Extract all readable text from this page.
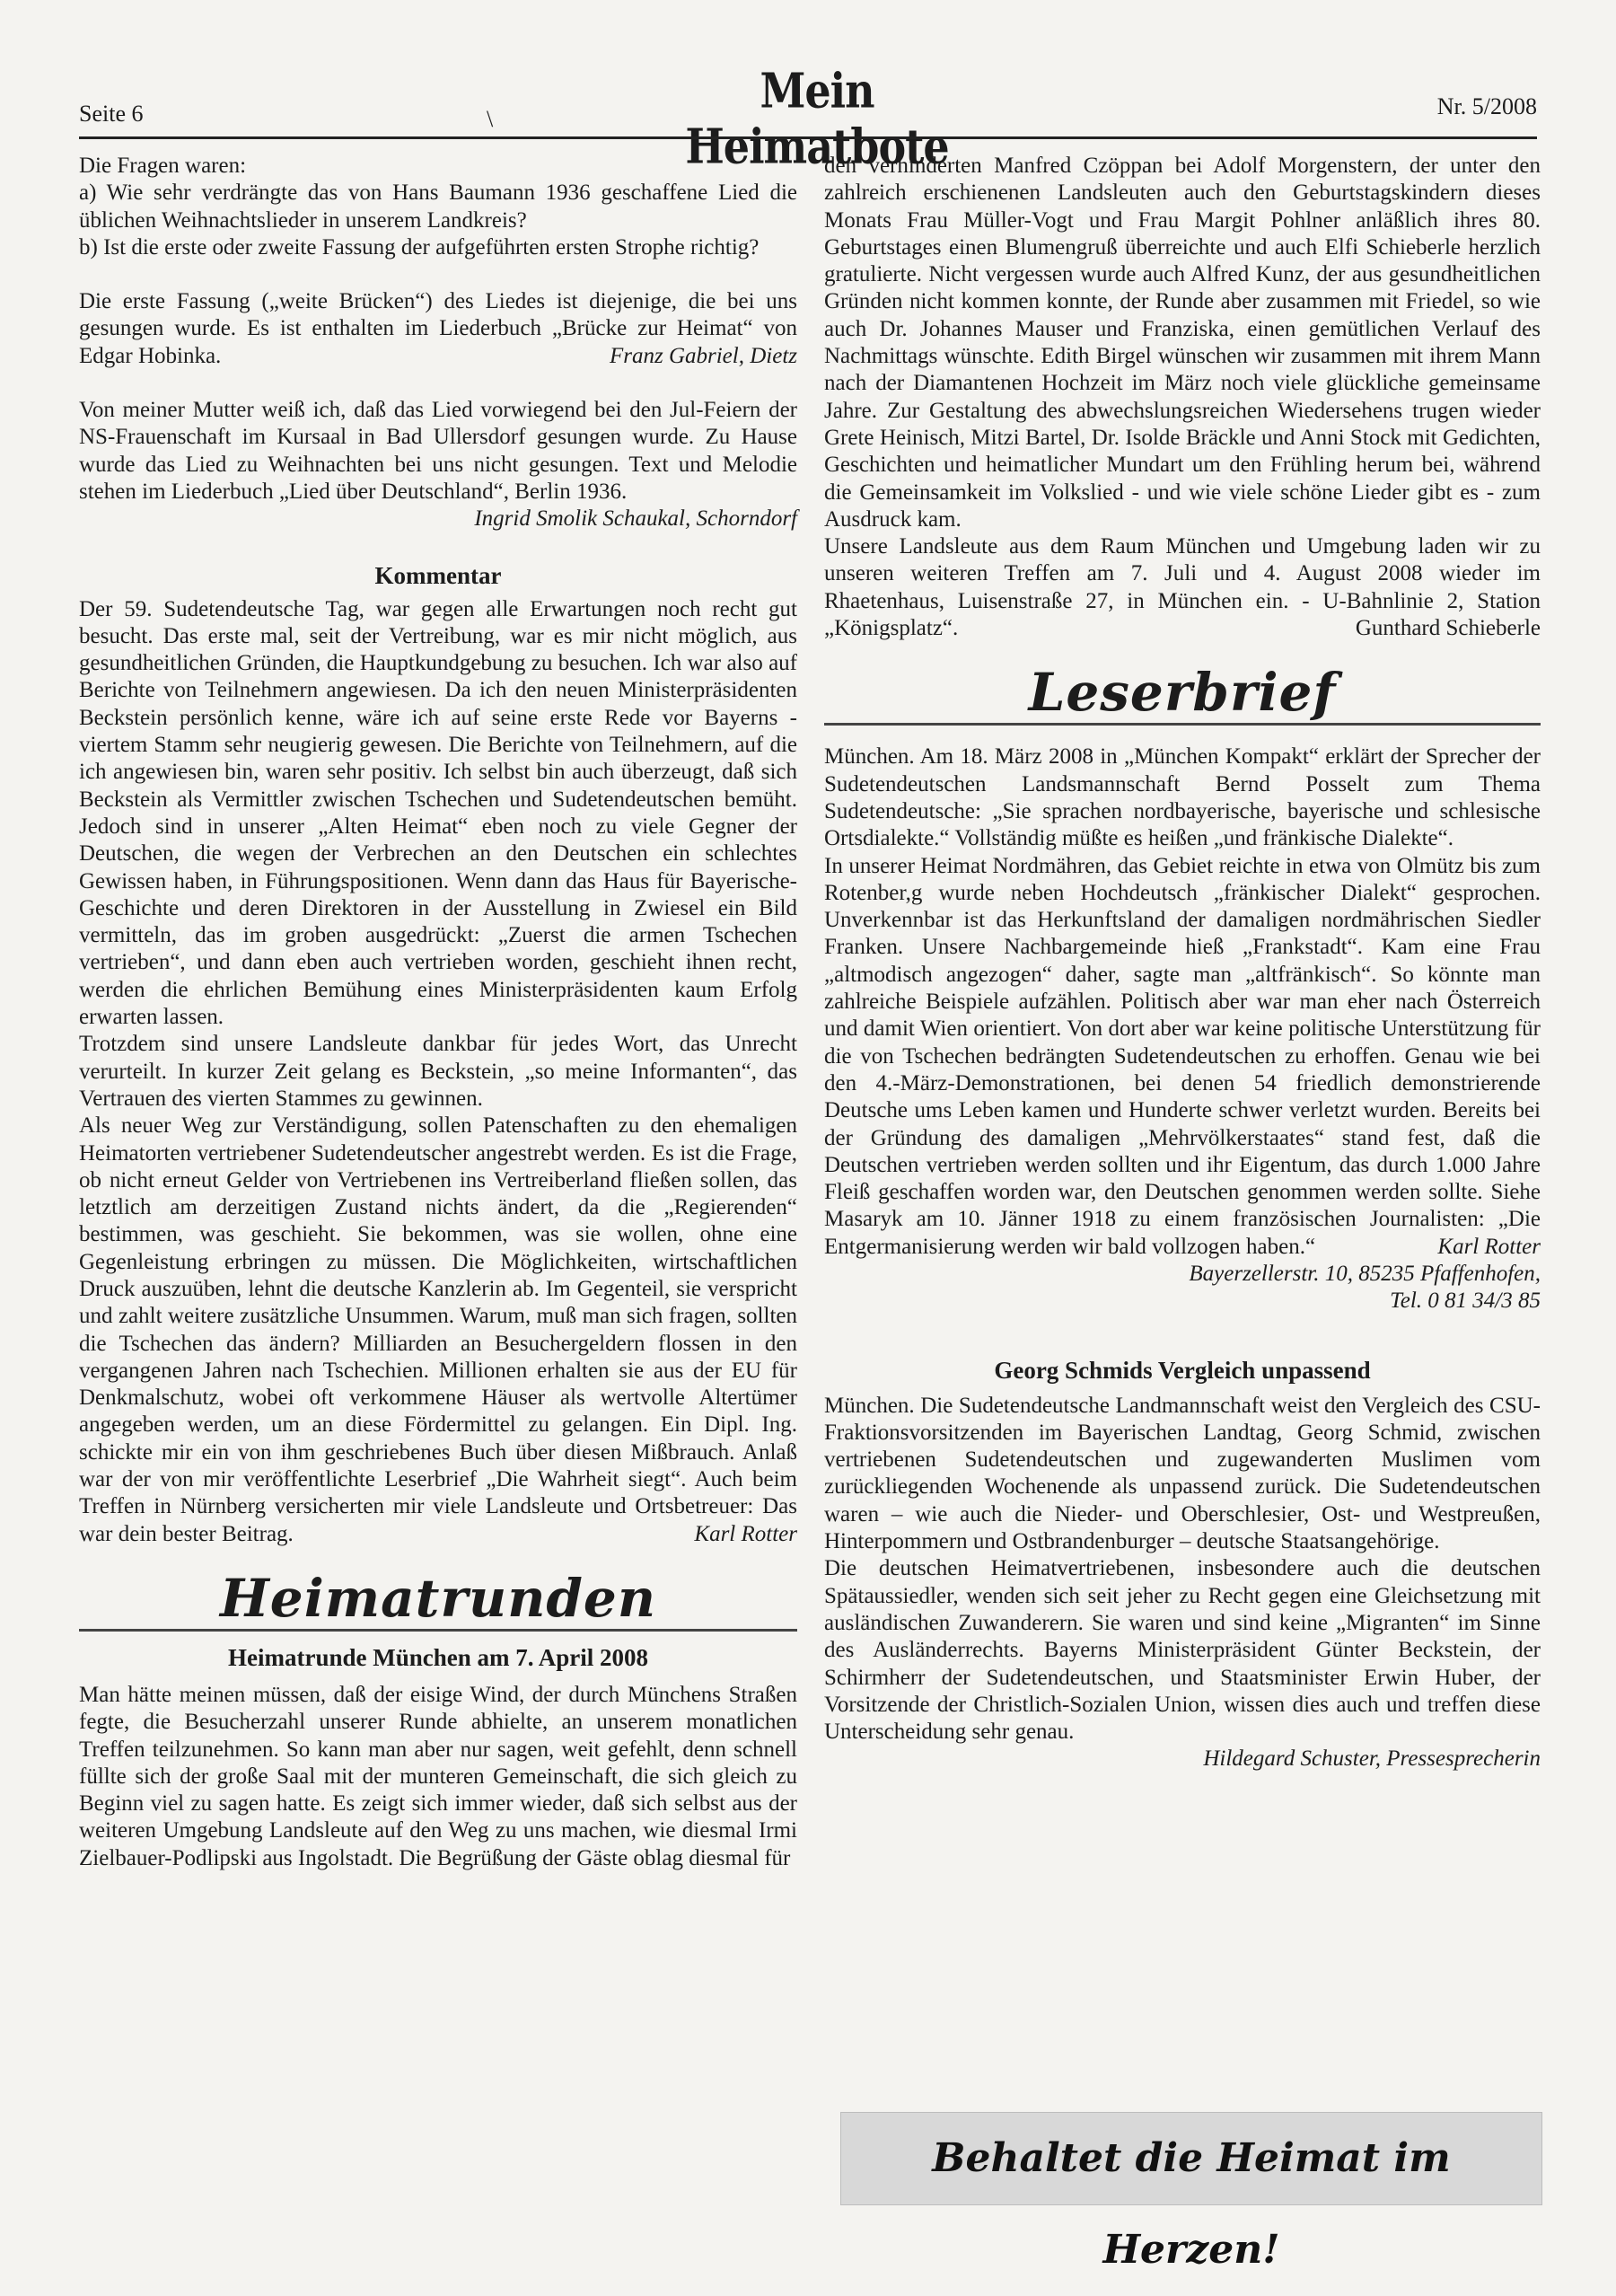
Seite 6	\
Mein Heimatbote
Nr. 5/2008

Die Fragen waren:

a) Wie sehr verdrängte das von Hans Baumann 1936 geschaffene Lied die üblichen Weihnachtslieder in unserem Landkreis?

b) Ist die erste oder zweite Fassung der aufgeführten ersten Strophe richtig?

Die erste Fassung („weite Brücken“) des Liedes ist diejenige, die bei uns gesungen wurde. Es ist enthalten im Liederbuch „Brücke zur Heimat“ von Edgar Hobinka.	Franz Gabriel, Dietz

Von meiner Mutter weiß ich, daß das Lied vorwiegend bei den Jul-Feiern der NS-Frauenschaft im Kursaal in Bad Ullersdorf gesungen wurde. Zu Hause wurde das Lied zu Weihnachten bei uns nicht gesungen. Text und Melodie stehen im Liederbuch „Lied über Deutschland“, Berlin 1936.
Ingrid Smolik Schaukal, Schorndorf

Kommentar

Der 59. Sudetendeutsche Tag, war gegen alle Erwartungen noch recht gut besucht. Das erste mal, seit der Vertreibung, war es mir nicht möglich, aus gesundheitlichen Gründen, die Hauptkundgebung zu besuchen. Ich war also auf Berichte von Teilnehmern angewiesen. Da ich den neuen Ministerpräsidenten Beckstein persönlich kenne, wäre ich auf seine erste Rede vor Bayerns - viertem Stamm sehr neugierig gewesen. Die Berichte von Teilnehmern, auf die ich angewiesen bin, waren sehr positiv. Ich selbst bin auch überzeugt, daß sich Beckstein als Vermittler zwischen Tschechen und Sudetendeutschen bemüht. Jedoch sind in unserer „Alten Heimat“ eben noch zu viele Gegner der Deutschen, die wegen der Verbrechen an den Deutschen ein schlechtes Gewissen haben, in Führungspositionen. Wenn dann das Haus für Bayerische-Geschichte und deren Direktoren in der Ausstellung in Zwiesel ein Bild vermitteln, das im groben ausgedrückt: „Zuerst die armen Tschechen vertrieben“, und dann eben auch vertrieben worden, geschieht ihnen recht, werden die ehrlichen Bemühung eines Ministerpräsidenten kaum Erfolg erwarten lassen.

Trotzdem sind unsere Landsleute dankbar für jedes Wort, das Unrecht verurteilt. In kurzer Zeit gelang es Beckstein, „so meine Informanten“, das Vertrauen des vierten Stammes zu gewinnen.

Als neuer Weg zur Verständigung, sollen Patenschaften zu den ehemaligen Heimatorten vertriebener Sudetendeutscher angestrebt werden. Es ist die Frage, ob nicht erneut Gelder von Vertriebenen ins Vertreiberland fließen sollen, das letztlich am derzeitigen Zustand nichts ändert, da die „Regierenden“ bestimmen, was geschieht. Sie bekommen, was sie wollen, ohne eine Gegenleistung erbringen zu müssen. Die Möglichkeiten, wirtschaftlichen Druck auszuüben, lehnt die deutsche Kanzlerin ab. Im Gegenteil, sie verspricht und zahlt weitere zusätzliche Unsummen. Warum, muß man sich fragen, sollten die Tschechen das ändern? Milliarden an Besuchergeldern flossen in den vergangenen Jahren nach Tschechien. Millionen erhalten sie aus der EU für Denkmalschutz, wobei oft verkommene Häuser als wertvolle Altertümer angegeben werden, um an diese Fördermittel zu gelangen. Ein Dipl. Ing. schickte mir ein von ihm geschriebenes Buch über diesen Mißbrauch. Anlaß war der von mir veröffentlichte Leserbrief „Die Wahrheit siegt“. Auch beim Treffen in Nürnberg versicherten mir viele Landsleute und Ortsbetreuer: Das war dein bester Beitrag.	Karl Rotter

Heimatrunden
Heimatrunde München am 7. April 2008

Man hätte meinen müssen, daß der eisige Wind, der durch Münchens Straßen fegte, die Besucherzahl unserer Runde abhielte, an unserem monatlichen Treffen teilzunehmen. So kann man aber nur sagen, weit gefehlt, denn schnell füllte sich der große Saal mit der munteren Gemeinschaft, die sich gleich zu Beginn viel zu sagen hatte. Es zeigt sich immer wieder, daß sich selbst aus der weiteren Umgebung Landsleute auf den Weg zu uns machen, wie diesmal Irmi Zielbauer-Podlipski aus Ingolstadt. Die Begrüßung der Gäste oblag diesmal für

den verhinderten Manfred Czöppan bei Adolf Morgenstern, der unter den zahlreich erschienenen Landsleuten auch den Geburtstagskindern dieses Monats Frau Müller-Vogt und Frau Margit Pohlner anläßlich ihres 80. Geburtstages einen Blumengruß überreichte und auch Elfi Schieberle herzlich gratulierte. Nicht vergessen wurde auch Alfred Kunz, der aus gesundheitlichen Gründen nicht kommen konnte, der Runde aber zusammen mit Friedel, so wie auch Dr. Johannes Mauser und Franziska, einen gemütlichen Verlauf des Nachmittags wünschte. Edith Birgel wünschen wir zusammen mit ihrem Mann nach der Diamantenen Hochzeit im März noch viele glückliche gemeinsame Jahre. Zur Gestaltung des abwechslungsreichen Wiedersehens trugen wieder Grete Heinisch, Mitzi Bartel, Dr. Isolde Bräckle und Anni Stock mit Gedichten, Geschichten und heimatlicher Mundart um den Frühling herum bei, während die Gemeinsamkeit im Volkslied - und wie viele schöne Lieder gibt es - zum Ausdruck kam.

Unsere Landsleute aus dem Raum München und Umgebung laden wir zu unseren weiteren Treffen am 7. Juli und 4. August 2008 wieder im Rhaetenhaus, Luisenstraße 27, in München ein. - U-Bahnlinie 2, Station „Königsplatz“.	Gunthard Schieberle

Leserbrief

München. Am 18. März 2008 in „München Kompakt“ erklärt der Sprecher der Sudetendeutschen Landsmannschaft Bernd Posselt zum Thema Sudetendeutsche: „Sie sprachen nordbayerische, bayerische und schlesische Ortsdialekte.“ Vollständig müßte es heißen „und fränkische Dialekte“.

In unserer Heimat Nordmähren, das Gebiet reichte in etwa von Olmütz bis zum Rotenber,g wurde neben Hochdeutsch „fränkischer Dialekt“ gesprochen. Unverkennbar ist das Herkunftsland der damaligen nordmährischen Siedler Franken. Unsere Nachbargemeinde hieß „Frankstadt“. Kam eine Frau „altmodisch angezogen“ daher, sagte man „altfränkisch“. So könnte man zahlreiche Beispiele aufzählen. Politisch aber war man eher nach Österreich und damit Wien orientiert. Von dort aber war keine politische Unterstützung für die von Tschechen bedrängten Sudetendeutschen zu erhoffen. Genau wie bei den 4.-März-Demonstrationen, bei denen 54 friedlich demonstrierende Deutsche ums Leben kamen und Hunderte schwer verletzt wurden. Bereits bei der Gründung des damaligen „Mehrvölkerstaates“ stand fest, daß die Deutschen vertrieben werden sollten und ihr Eigentum, das durch 1.000 Jahre Fleiß geschaffen worden war, den Deutschen genommen werden sollte. Siehe Masaryk am 10. Jänner 1918 zu einem französischen Journalisten: „Die Entgermanisierung werden wir bald vollzogen haben.“	Karl Rotter

Bayerzellerstr. 10, 85235 Pfaffenhofen,

Tel. 0 81 34/3 85

Georg Schmids Vergleich unpassend

München. Die Sudetendeutsche Landmannschaft weist den Vergleich des CSU-Fraktionsvorsitzenden im Bayerischen Landtag, Georg Schmid, zwischen vertriebenen Sudetendeutschen und zugewanderten Muslimen vom zurückliegenden Wochenende als unpassend zurück. Die Sudetendeutschen waren – wie auch die Nieder- und Oberschlesier, Ost- und Westpreußen, Hinterpommern und Ostbrandenburger – deutsche Staatsangehörige.

Die deutschen Heimatvertriebenen, insbesondere auch die deutschen Spätaussiedler, wenden sich seit jeher zu Recht gegen eine Gleichsetzung mit ausländischen Zuwanderern. Sie waren und sind keine „Migranten“ im Sinne des Ausländerrechts. Bayerns Ministerpräsident Günter Beckstein, der Schirmherr der Sudetendeutschen, und Staatsminister Erwin Huber, der Vorsitzende der Christlich-Sozialen Union, wissen dies auch und treffen diese Unterscheidung sehr genau.

Hildegard Schuster, Pressesprecherin

Behaltet die Heimat im Herzen!
